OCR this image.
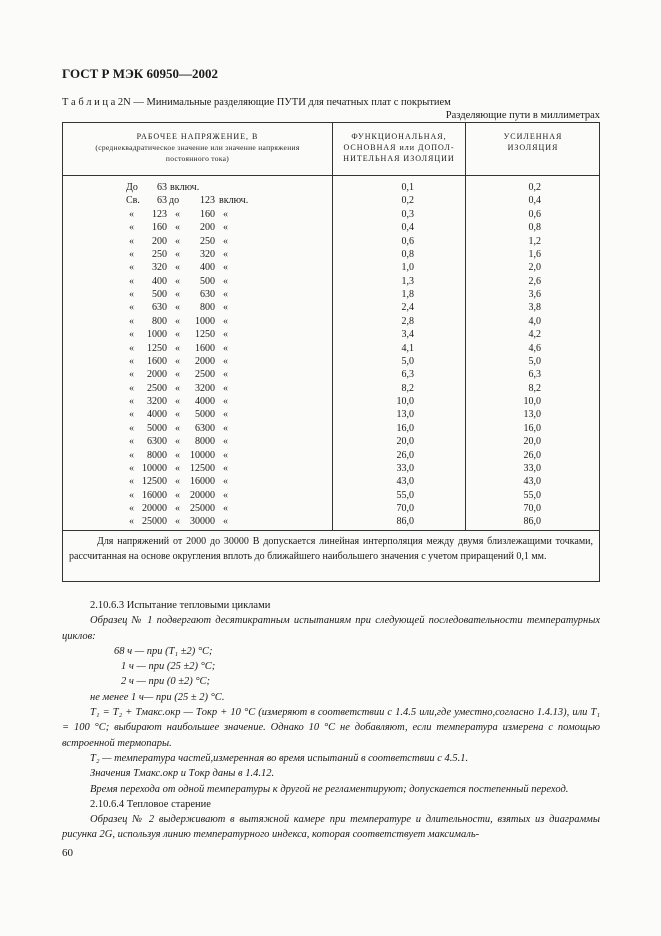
ГОСТ Р МЭК 60950—2002
Т а б л и ц а 2N — Минимальные разделяющие ПУТИ для печатных плат с покрытием
Разделяющие пути в миллиметрах
РАБОЧЕЕ НАПРЯЖЕНИЕ, В
(среднеквадратическое значение или значение напряжения постоянного тока)
ФУНКЦИОНАЛЬНАЯ, ОСНОВНАЯ или ДОПОЛ- НИТЕЛЬНАЯ ИЗОЛЯЦИИ
УСИЛЕННАЯ ИЗОЛЯЦИЯ
До	63 включ.	0,1	0,2
Св.	63 до	123 включ.	0,2	0,4
«	123 «	160 «	0,3	0,6
«	160 «	200 «	0,4	0,8
«	200 «	250 «	0,6	1,2
«	250 «	320 «	0,8	1,6
«	320 «	400 «	1,0	2,0
«	400 «	500 «	1,3	2,6
«	500 «	630 «	1,8	3,6
«	630 «	800 «	2,4	3,8
«	800 «	1000 «	2,8	4,0
«	1000 «	1250 «	3,4	4,2
«	1250 «	1600 «	4,1	4,6
«	1600 «	2000 «	5,0	5,0
«	2000 «	2500 «	6,3	6,3
«	2500 «	3200 «	8,2	8,2
«	3200 «	4000 «	10,0	10,0
«	4000 «	5000 «	13,0	13,0
«	5000 «	6300 «	16,0	16,0
«	6300 «	8000 «	20,0	20,0
«	8000 «	10000 «	26,0	26,0
« 10000 «	12500 «	33,0	33,0
« 12500 «	16000 «	43,0	43,0
« 16000 «	20000 «	55,0	55,0
« 20000 «	25000 «	70,0	70,0
« 25000 «	30000 «	86,0	86,0
Для напряжений от 2000 до 30000 В допускается линейная интерполяция между двумя близлежащими точками, рассчитанная на основе округления вплоть до ближайшего наибольшего значения с учетом приращений 0,1 мм.

2.10.6.3 Испытание тепловыми циклами

Образец № 1 подвергают десятикратным испытаниям при следующей последовательности температурных циклов:

68 ч — при (T₁ ±2) °С;

1 ч — при (25 ±2) °С;

2 ч — при (0 ±2) °С;

не менее 1 ч— при (25 ± 2) °С.

T₁ = T₂ + Tмакс.окр — Tокр + 10 °С (измеряют в соответствии с 1.4.5 или,где уместно,согласно 1.4.13), или T₁ = 100 °С; выбирают наибольшее значение. Однако 10 °С не добавляют, если температура измерена с помощью встроенной термопары.

T₂ — температура частей,измеренная во время испытаний в соответствии с 4.5.1.

Значения Tмакс.окр и Tокр даны в 1.4.12.

Время перехода от одной температуры к другой не регламентируют; допускается постепенный переход.

2.10.6.4 Тепловое старение

Образец № 2 выдерживают в вытяжной камере при температуре и длительности, взятых из диаграммы рисунка 2G, используя линию температурного индекса, которая соответствует максималь-

60
